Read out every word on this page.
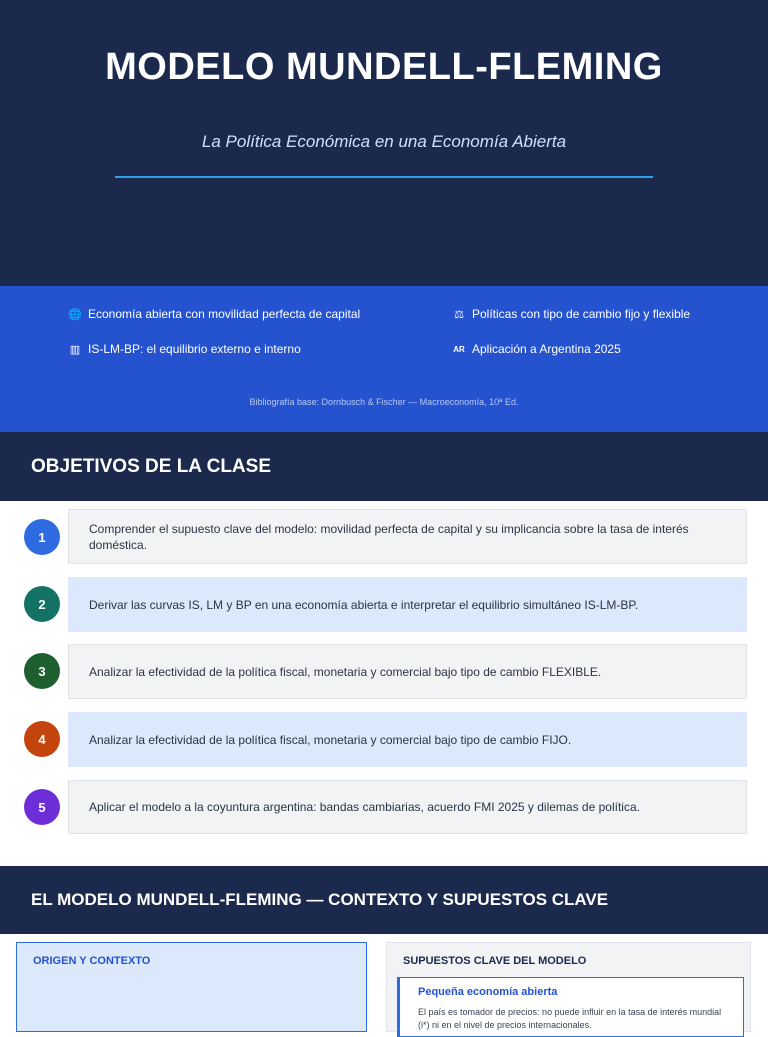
MODELO MUNDELL-FLEMING
La Política Económica en una Economía Abierta
🌐 Economía abierta con movilidad perfecta de capital	⚖ Políticas con tipo de cambio fijo y flexible
▥ IS-LM-BP: el equilibrio externo e interno	AR Aplicación a Argentina 2025
Bibliografía base: Dornbusch & Fischer — Macroeconomía, 10ª Ed.
OBJETIVOS DE LA CLASE
1
Comprender el supuesto clave del modelo: movilidad perfecta de capital y su implicancia sobre la tasa de interés doméstica.
2	Derivar las curvas IS, LM y BP en una economía abierta e interpretar el equilibrio simultáneo IS-LM-BP.
3	Analizar la efectividad de la política fiscal, monetaria y comercial bajo tipo de cambio FLEXIBLE.
4	Analizar la efectividad de la política fiscal, monetaria y comercial bajo tipo de cambio FIJO.
5	Aplicar el modelo a la coyuntura argentina: bandas cambiarias, acuerdo FMI 2025 y dilemas de política.
EL MODELO MUNDELL-FLEMING — CONTEXTO Y SUPUESTOS CLAVE
ORIGEN Y CONTEXTO	SUPUESTOS CLAVE DEL MODELO
Pequeña economía abierta
El país es tomador de precios: no puede influir en la tasa de interés mundial (i*) ni en el nivel de precios internacionales.
